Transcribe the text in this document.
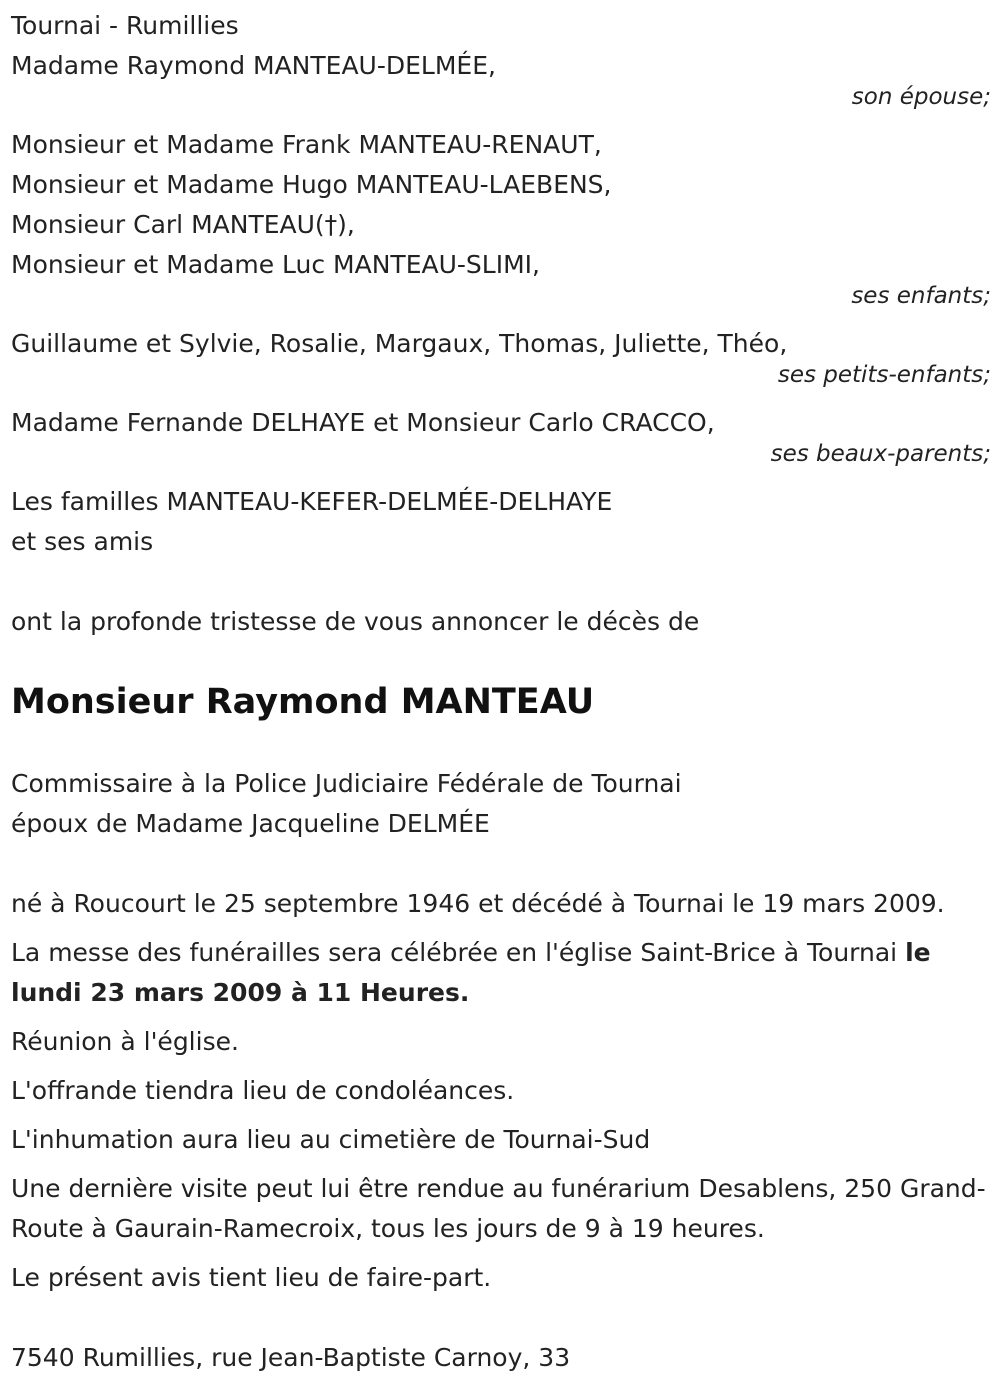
Tournai - Rumillies

Madame Raymond MANTEAU-DELMÉE,

son épouse;

Monsieur et Madame Frank MANTEAU-RENAUT,

Monsieur et Madame Hugo MANTEAU-LAEBENS,

Monsieur Carl MANTEAU(†),

Monsieur et Madame Luc MANTEAU-SLIMI,

ses enfants;

Guillaume et Sylvie, Rosalie, Margaux, Thomas, Juliette, Théo,

ses petits-enfants;

Madame Fernande DELHAYE et Monsieur Carlo CRACCO,

ses beaux-parents;

Les familles MANTEAU-KEFER-DELMÉE-DELHAYE

et ses amis

ont la profonde tristesse de vous annoncer le décès de

Monsieur Raymond MANTEAU

Commissaire à la Police Judiciaire Fédérale de Tournai

époux de Madame Jacqueline DELMÉE

né à Roucourt le 25 septembre 1946 et décédé à Tournai le 19 mars 2009.

La messe des funérailles sera célébrée en l'église Saint-Brice à Tournai le lundi 23 mars 2009 à 11 Heures.

Réunion à l'église.

L'offrande tiendra lieu de condoléances.

L'inhumation aura lieu au cimetière de Tournai-Sud

Une dernière visite peut lui être rendue au funérarium Desablens, 250 Grand-Route à Gaurain-Ramecroix, tous les jours de 9 à 19 heures.

Le présent avis tient lieu de faire-part.

7540 Rumillies, rue Jean-Baptiste Carnoy, 33
